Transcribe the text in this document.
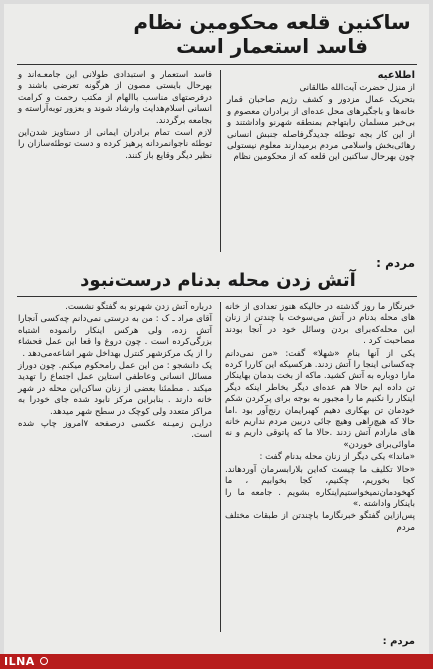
ساکنین قلعه محکومین نظام
فاسد استعمار است
اطلاعیه

از منزل حضرت آیت‌الله طالقانی

بتحریک عمال مزدور و کشف رژیم صاحبان قمار خانه‌ها و باجگیرهای محل عده‌ای از برادران معصوم و بی‌خبر مسلمان رابتهاجم بمنطقه شهرنو واداشتند و از این کار بجه توطئه جدیدگرفاصله جنبش انسانی رهائی‌بخش واسلامی مردم برمیدارند معلوم نیستولی چون بهرحال ساکنین این قلعه که از محکومین نظام

فاسد استعمار و استبدادی طولانی این جامعـه‌اند و بهرحال بایستی مصون از هرگونه تعرضی باشند و درفرصتهای مناسب باالهام از مکتب رحمت و کرامت انسانی اسلام‌هدایت وارشاد شوند و بعزور توبه‌آراسته و بجامعه برگردند.

لازم است تمام برادران ایمانی از دستاویز شدن‌این توطئه ناجوانمردانه پرهیز کرده و دست توطئه‌سازان را نظیر دیگر وقایع باز کنند.

مردم :
آتش زدن محله بدنام درست‌نبود

خبرنگار ما روز گذشته در حالیکه هنوز تعدادی از خانه های محله بدنام در آتش می‌سوخت با چندتن از زنان این محله‌که‌برای بردن وسائل خود در آنجا بودند مصاحبت کرد .

یکی از آنها بنام «شهلا» گفت: «من نمی‌دانم چه‌کسانی اینجا را آتش زدند. هرکسیکه این کاررا کرده مارا دوباره به آتش کشید. ماکه از بخت بدمان بهاینکار تن داده ایم حالا هم عده‌ای دیگر بخاطر اینکه دیگر اینکار را نکنیم ما را مجبور به بوجه برای پرکردن شکم خودمان تن بهکاری دهیم کهبرایمان رنج‌آور بود .اما حالا که هیچ‌راهی وهیچ جائی دربین مردم نداریم خانه های مارادم آتش زدند .حالا ما که پاتوقی داریم و نه ماوائی‌برای خوردن»

«ماندا» یکی دیگر از زنان محله بدنام گفت :

«حالا تکلیف ما چیست که‌این بلارابسرمان آوردهاند. کجا بخوریم، چکنیم، کجا بخوابیم ، ما کهخودمان‌نمیخواستیم‌اینکاره بشویم . جامعه ما را باینکار واداشته .»

پس‌ازاین گفتگو خبرنگارما باچندتن از طبقات مختلف مردم

درباره آتش زدن شهرنو به گفتگو نشست.

آقای مراد ـ ک : من به درستی نمی‌دانم چه‌کسی آنجارا آتش زده، ولی هرکس اینکار رانموده‌ اشتباه بزرگی‌کرده است . چون دروغ وا قعا این عمل فحشاء را از یک مرکزشهر کنترل بهداخل شهر اشاعه‌می‌دهد .

یک دانشجو : من این عمل رامحکوم میکنم. چون دوراز مسائل انسانی وعاطفی استاین عمل اجتماع را تهدید میکند . مطمئنا بعضی از زنان ساکن‌این محله در شهر خانه دارند . بنابراین مرکز نابود شده جای خودرا به مراکز متعدد ولی کوچک در سطح شهر میدهد.

درایـن زمیـنه عکسی درصفحه ۷امروز چاپ شده است.

مردم :
ILNA
